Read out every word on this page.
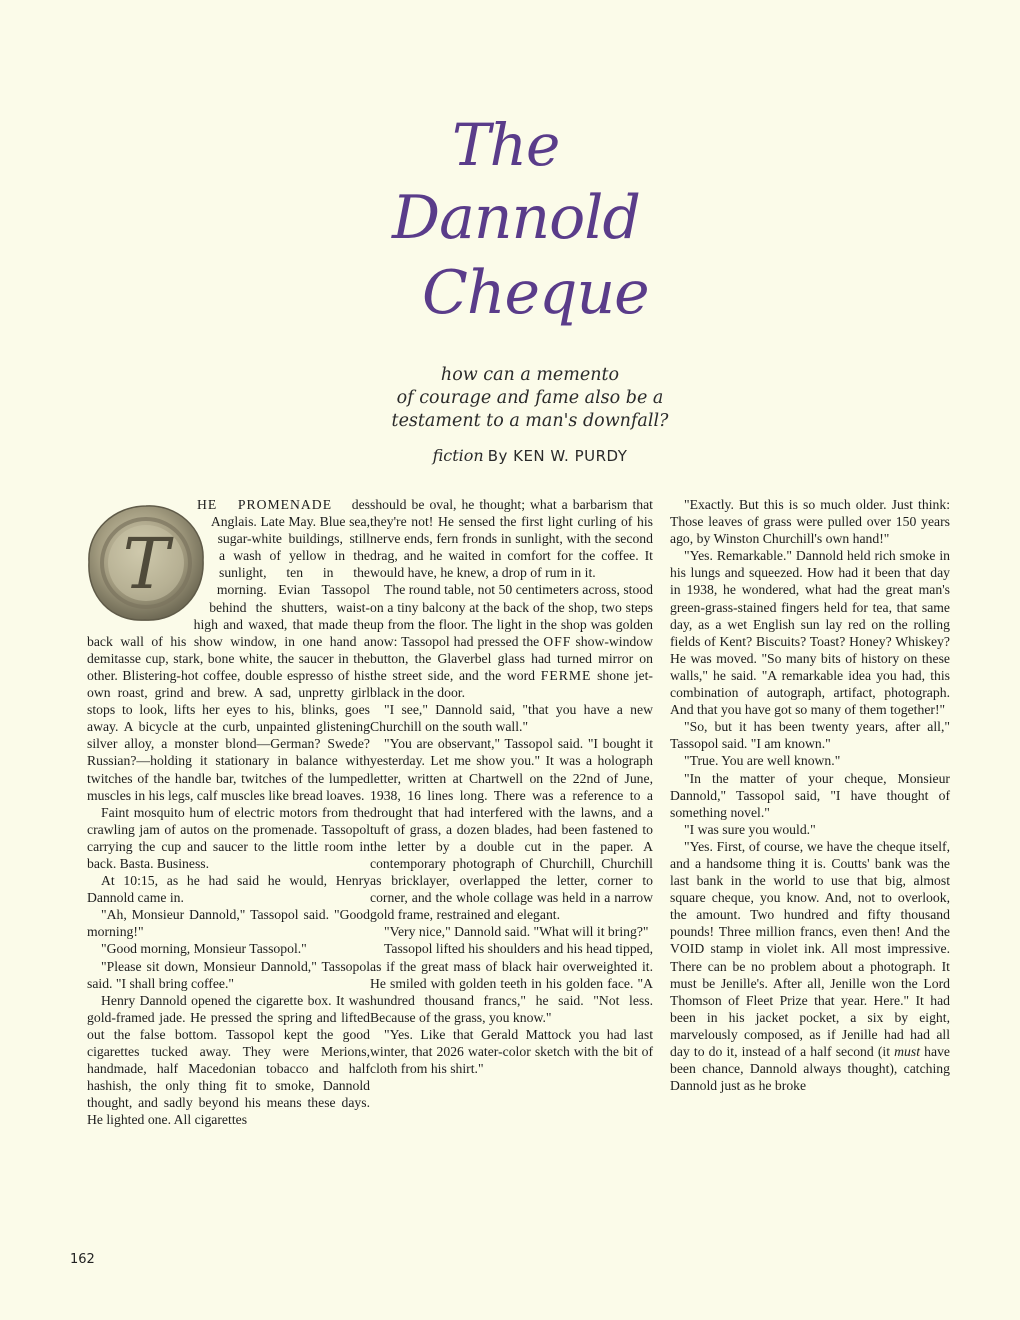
The
Dannold
Cheque
how can a memento
of courage and fame also be a
testament to a man's downfall?
fiction By KEN W. PURDY
T

HE PROMENADE des Anglais. Late May. Blue sea, sugar-white buildings, still a wash of yellow in the sunlight, ten in the morning. Evian Tassopol behind the shutters, waist-high and waxed, that made the back wall of his show window, in one hand a demitasse cup, stark, bone white, the saucer in the other. Blistering-hot coffee, double espresso of his own roast, grind and brew. A sad, unpretty girl stops to look, lifts her eyes to his, blinks, goes away. A bicycle at the curb, unpainted glistening silver alloy, a monster blond—German? Swede? Russian?—holding it stationary in balance with twitches of the handle bar, twitches of the lumped muscles in his legs, calf muscles like bread loaves.

Faint mosquito hum of electric motors from the crawling jam of autos on the promenade. Tassopol carrying the cup and saucer to the little room in back. Basta. Business.

At 10:15, as he had said he would, Henry Dannold came in.

"Ah, Monsieur Dannold," Tassopol said. "Good morning!"

"Good morning, Monsieur Tassopol."

"Please sit down, Monsieur Dannold," Tassopol said. "I shall bring coffee."

Henry Dannold opened the cigarette box. It was gold-framed jade. He pressed the spring and lifted out the false bottom. Tassopol kept the good cigarettes tucked away. They were Merions, handmade, half Macedonian tobacco and half hashish, the only thing fit to smoke, Dannold thought, and sadly beyond his means these days. He lighted one. All cigarettes

should be oval, he thought; what a barbarism that they're not! He sensed the first light curling of his nerve ends, fern fronds in sunlight, with the second drag, and he waited in comfort for the coffee. It would have, he knew, a drop of rum in it.

The round table, not 50 centimeters across, stood on a tiny balcony at the back of the shop, two steps up from the floor. The light in the shop was golden now: Tassopol had pressed the OFF show-window button, the Glaverbel glass had turned mirror on the street side, and the word FERME shone jet-black in the door.

"I see," Dannold said, "that you have a new Churchill on the south wall."

"You are observant," Tassopol said. "I bought it yesterday. Let me show you." It was a holograph letter, written at Chartwell on the 22nd of June, 1938, 16 lines long. There was a reference to a drought that had interfered with the lawns, and a tuft of grass, a dozen blades, had been fastened to the letter by a double cut in the paper. A contemporary photograph of Churchill, Churchill as bricklayer, overlapped the letter, corner to corner, and the whole collage was held in a narrow gold frame, restrained and elegant.

"Very nice," Dannold said. "What will it bring?"

Tassopol lifted his shoulders and his head tipped, as if the great mass of black hair overweighted it. He smiled with golden teeth in his golden face. "A hundred thousand francs," he said. "Not less. Because of the grass, you know."

"Yes. Like that Gerald Mattock you had last winter, that 2026 water-color sketch with the bit of cloth from his shirt."

"Exactly. But this is so much older. Just think: Those leaves of grass were pulled over 150 years ago, by Winston Churchill's own hand!"

"Yes. Remarkable." Dannold held rich smoke in his lungs and squeezed. How had it been that day in 1938, he wondered, what had the great man's green-grass-stained fingers held for tea, that same day, as a wet English sun lay red on the rolling fields of Kent? Biscuits? Toast? Honey? Whiskey? He was moved. "So many bits of history on these walls," he said. "A remarkable idea you had, this combination of autograph, artifact, photograph. And that you have got so many of them together!"

"So, but it has been twenty years, after all," Tassopol said. "I am known."

"True. You are well known."

"In the matter of your cheque, Monsieur Dannold," Tassopol said, "I have thought of something novel."

"I was sure you would."

"Yes. First, of course, we have the cheque itself, and a handsome thing it is. Coutts' bank was the last bank in the world to use that big, almost square cheque, you know. And, not to overlook, the amount. Two hundred and fifty thousand pounds! Three million francs, even then! And the VOID stamp in violet ink. All most impressive. There can be no problem about a photograph. It must be Jenille's. After all, Jenille won the Lord Thomson of Fleet Prize that year. Here." It had been in his jacket pocket, a six by eight, marvelously composed, as if Jenille had had all day to do it, instead of a half second (it must have been chance, Dannold always thought), catching Dannold just as he broke

162
